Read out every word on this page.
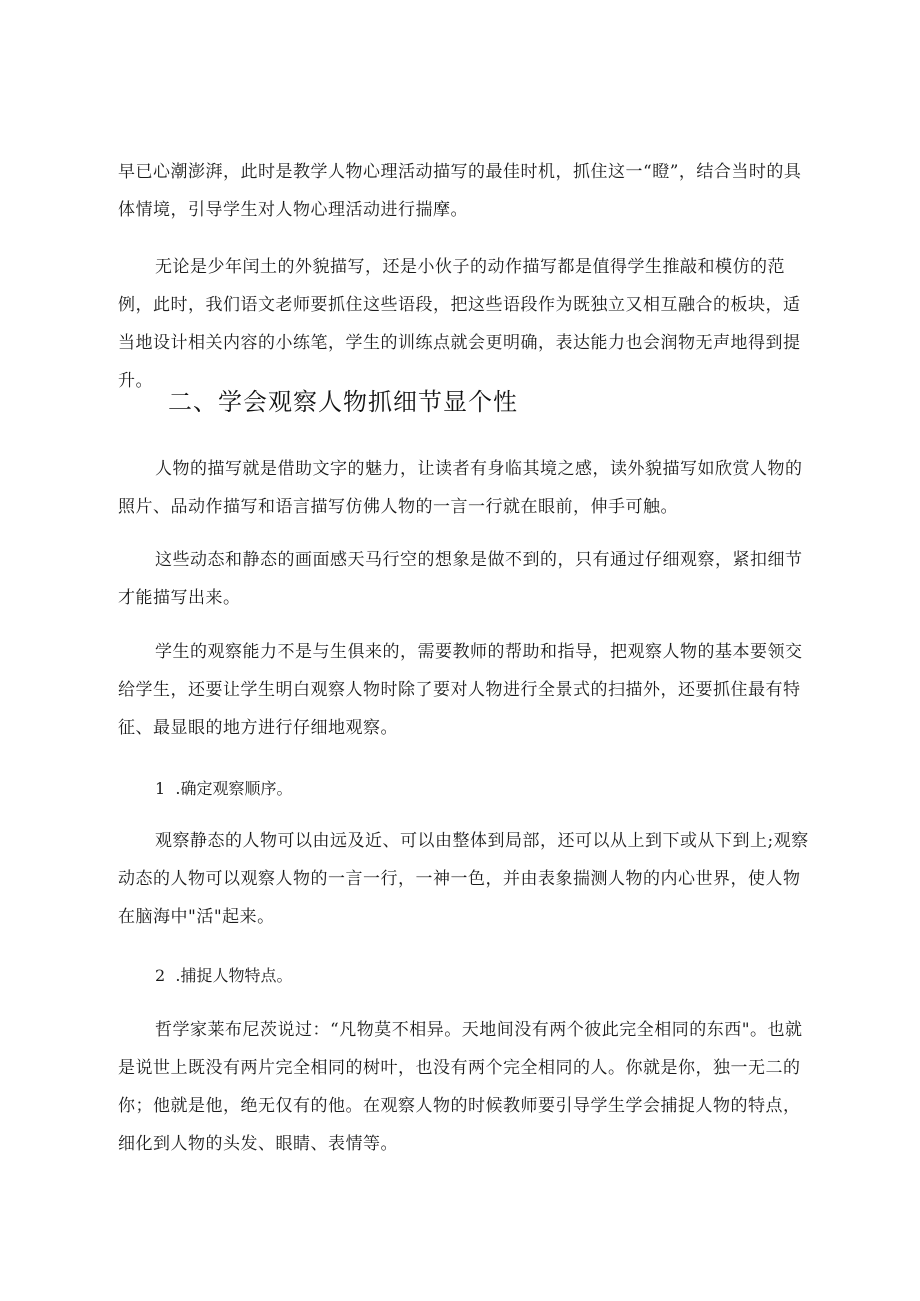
早已心潮澎湃，此时是教学人物心理活动描写的最佳时机，抓住这一“瞪”，结合当时的具体情境，引导学生对人物心理活动进行揣摩。

无论是少年闰土的外貌描写，还是小伙子的动作描写都是值得学生推敲和模仿的范例，此时，我们语文老师要抓住这些语段，把这些语段作为既独立又相互融合的板块，适当地设计相关内容的小练笔，学生的训练点就会更明确，表达能力也会润物无声地得到提升。

二、学会观察人物抓细节显个性

人物的描写就是借助文字的魅力，让读者有身临其境之感，读外貌描写如欣赏人物的照片、品动作描写和语言描写仿佛人物的一言一行就在眼前，伸手可触。

这些动态和静态的画面感天马行空的想象是做不到的，只有通过仔细观察，紧扣细节才能描写出来。

学生的观察能力不是与生俱来的，需要教师的帮助和指导，把观察人物的基本要领交给学生，还要让学生明白观察人物时除了要对人物进行全景式的扫描外，还要抓住最有特征、最显眼的地方进行仔细地观察。

1  .确定观察顺序。

观察静态的人物可以由远及近、可以由整体到局部，还可以从上到下或从下到上;观察动态的人物可以观察人物的一言一行，一神一色，并由表象揣测人物的内心世界，使人物在脑海中"活"起来。

2  .捕捉人物特点。

哲学家莱布尼茨说过：“凡物莫不相异。天地间没有两个彼此完全相同的东西"。也就是说世上既没有两片完全相同的树叶，也没有两个完全相同的人。你就是你，独一无二的你；他就是他，绝无仅有的他。在观察人物的时候教师要引导学生学会捕捉人物的特点，细化到人物的头发、眼睛、表情等。
